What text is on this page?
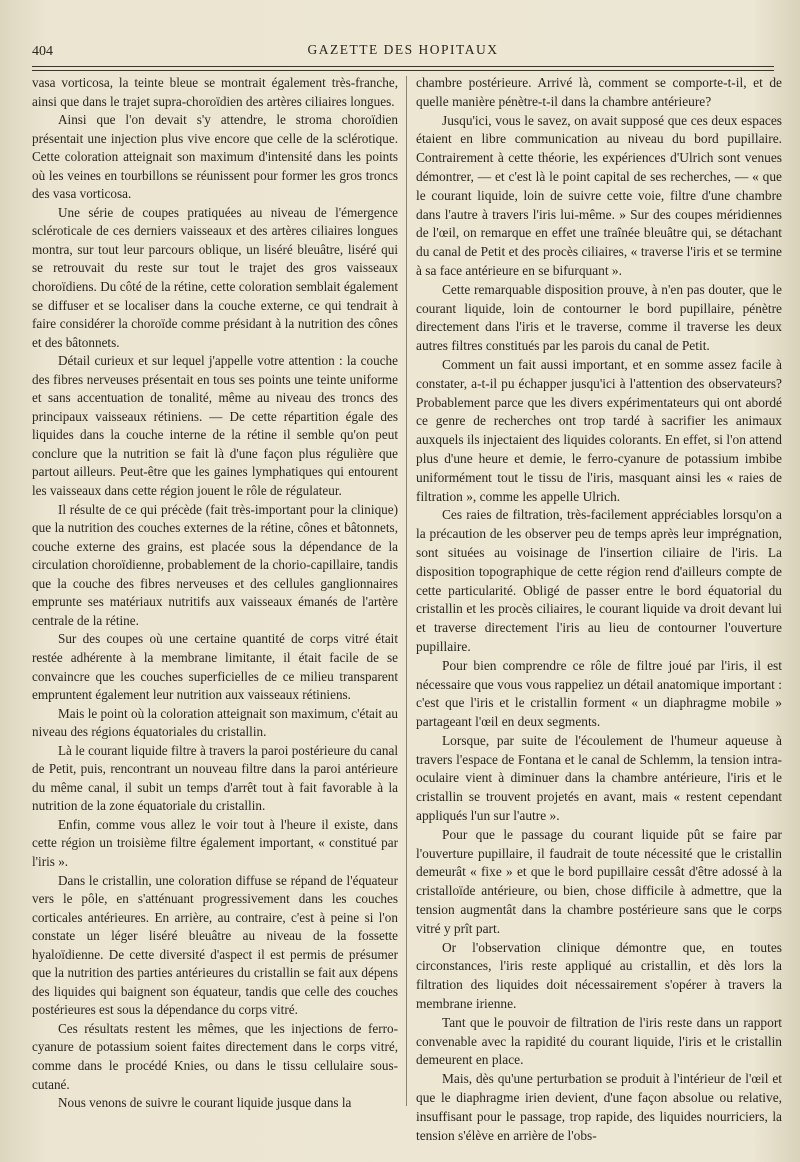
404	GAZETTE DES HOPITAUX

vasa vorticosa, la teinte bleue se montrait également très-franche, ainsi que dans le trajet supra-choroïdien des artères ciliaires longues.

Ainsi que l'on devait s'y attendre, le stroma choroïdien présentait une injection plus vive encore que celle de la sclérotique. Cette coloration atteignait son maximum d'intensité dans les points où les veines en tourbillons se réunissent pour former les gros troncs des vasa vorticosa.

Une série de coupes pratiquées au niveau de l'émergence scléroticale de ces derniers vaisseaux et des artères ciliaires longues montra, sur tout leur parcours oblique, un liséré bleuâtre, liséré qui se retrouvait du reste sur tout le trajet des gros vaisseaux choroïdiens. Du côté de la rétine, cette coloration semblait également se diffuser et se localiser dans la couche externe, ce qui tendrait à faire considérer la choroïde comme présidant à la nutrition des cônes et des bâtonnets.

Détail curieux et sur lequel j'appelle votre attention : la couche des fibres nerveuses présentait en tous ses points une teinte uniforme et sans accentuation de tonalité, même au niveau des troncs des principaux vaisseaux rétiniens. — De cette répartition égale des liquides dans la couche interne de la rétine il semble qu'on peut conclure que la nutrition se fait là d'une façon plus régulière que partout ailleurs. Peut-être que les gaines lymphatiques qui entourent les vaisseaux dans cette région jouent le rôle de régulateur.

Il résulte de ce qui précède (fait très-important pour la clinique) que la nutrition des couches externes de la rétine, cônes et bâtonnets, couche externe des grains, est placée sous la dépendance de la circulation choroïdienne, probablement de la chorio-capillaire, tandis que la couche des fibres nerveuses et des cellules ganglionnaires emprunte ses matériaux nutritifs aux vaisseaux émanés de l'artère centrale de la rétine.

Sur des coupes où une certaine quantité de corps vitré était restée adhérente à la membrane limitante, il était facile de se convaincre que les couches superficielles de ce milieu transparent empruntent également leur nutrition aux vaisseaux rétiniens.

Mais le point où la coloration atteignait son maximum, c'était au niveau des régions équatoriales du cristallin.

Là le courant liquide filtre à travers la paroi postérieure du canal de Petit, puis, rencontrant un nouveau filtre dans la paroi antérieure du même canal, il subit un temps d'arrêt tout à fait favorable à la nutrition de la zone équatoriale du cristallin.

Enfin, comme vous allez le voir tout à l'heure il existe, dans cette région un troisième filtre également important, « constitué par l'iris ».

Dans le cristallin, une coloration diffuse se répand de l'équateur vers le pôle, en s'atténuant progressivement dans les couches corticales antérieures. En arrière, au contraire, c'est à peine si l'on constate un léger liséré bleuâtre au niveau de la fossette hyaloïdienne. De cette diversité d'aspect il est permis de présumer que la nutrition des parties antérieures du cristallin se fait aux dépens des liquides qui baignent son équateur, tandis que celle des couches postérieures est sous la dépendance du corps vitré.

Ces résultats restent les mêmes, que les injections de ferro-cyanure de potassium soient faites directement dans le corps vitré, comme dans le procédé Knies, ou dans le tissu cellulaire sous-cutané.

Nous venons de suivre le courant liquide jusque dans la

chambre postérieure. Arrivé là, comment se comporte-t-il, et de quelle manière pénètre-t-il dans la chambre antérieure?

Jusqu'ici, vous le savez, on avait supposé que ces deux espaces étaient en libre communication au niveau du bord pupillaire. Contrairement à cette théorie, les expériences d'Ulrich sont venues démontrer, — et c'est là le point capital de ses recherches, — « que le courant liquide, loin de suivre cette voie, filtre d'une chambre dans l'autre à travers l'iris lui-même. » Sur des coupes méridiennes de l'œil, on remarque en effet une traînée bleuâtre qui, se détachant du canal de Petit et des procès ciliaires, « traverse l'iris et se termine à sa face antérieure en se bifurquant ».

Cette remarquable disposition prouve, à n'en pas douter, que le courant liquide, loin de contourner le bord pupillaire, pénètre directement dans l'iris et le traverse, comme il traverse les deux autres filtres constitués par les parois du canal de Petit.

Comment un fait aussi important, et en somme assez facile à constater, a-t-il pu échapper jusqu'ici à l'attention des observateurs? Probablement parce que les divers expérimentateurs qui ont abordé ce genre de recherches ont trop tardé à sacrifier les animaux auxquels ils injectaient des liquides colorants. En effet, si l'on attend plus d'une heure et demie, le ferro-cyanure de potassium imbibe uniformément tout le tissu de l'iris, masquant ainsi les « raies de filtration », comme les appelle Ulrich.

Ces raies de filtration, très-facilement appréciables lorsqu'on a la précaution de les observer peu de temps après leur imprégnation, sont situées au voisinage de l'insertion ciliaire de l'iris. La disposition topographique de cette région rend d'ailleurs compte de cette particularité. Obligé de passer entre le bord équatorial du cristallin et les procès ciliaires, le courant liquide va droit devant lui et traverse directement l'iris au lieu de contourner l'ouverture pupillaire.

Pour bien comprendre ce rôle de filtre joué par l'iris, il est nécessaire que vous vous rappeliez un détail anatomique important : c'est que l'iris et le cristallin forment « un diaphragme mobile » partageant l'œil en deux segments.

Lorsque, par suite de l'écoulement de l'humeur aqueuse à travers l'espace de Fontana et le canal de Schlemm, la tension intra-oculaire vient à diminuer dans la chambre antérieure, l'iris et le cristallin se trouvent projetés en avant, mais « restent cependant appliqués l'un sur l'autre ».

Pour que le passage du courant liquide pût se faire par l'ouverture pupillaire, il faudrait de toute nécessité que le cristallin demeurât « fixe » et que le bord pupillaire cessât d'être adossé à la cristalloïde antérieure, ou bien, chose difficile à admettre, que la tension augmentât dans la chambre postérieure sans que le corps vitré y prît part.

Or l'observation clinique démontre que, en toutes circonstances, l'iris reste appliqué au cristallin, et dès lors la filtration des liquides doit nécessairement s'opérer à travers la membrane irienne.

Tant que le pouvoir de filtration de l'iris reste dans un rapport convenable avec la rapidité du courant liquide, l'iris et le cristallin demeurent en place.

Mais, dès qu'une perturbation se produit à l'intérieur de l'œil et que le diaphragme irien devient, d'une façon absolue ou relative, insuffisant pour le passage, trop rapide, des liquides nourriciers, la tension s'élève en arrière de l'obs-
